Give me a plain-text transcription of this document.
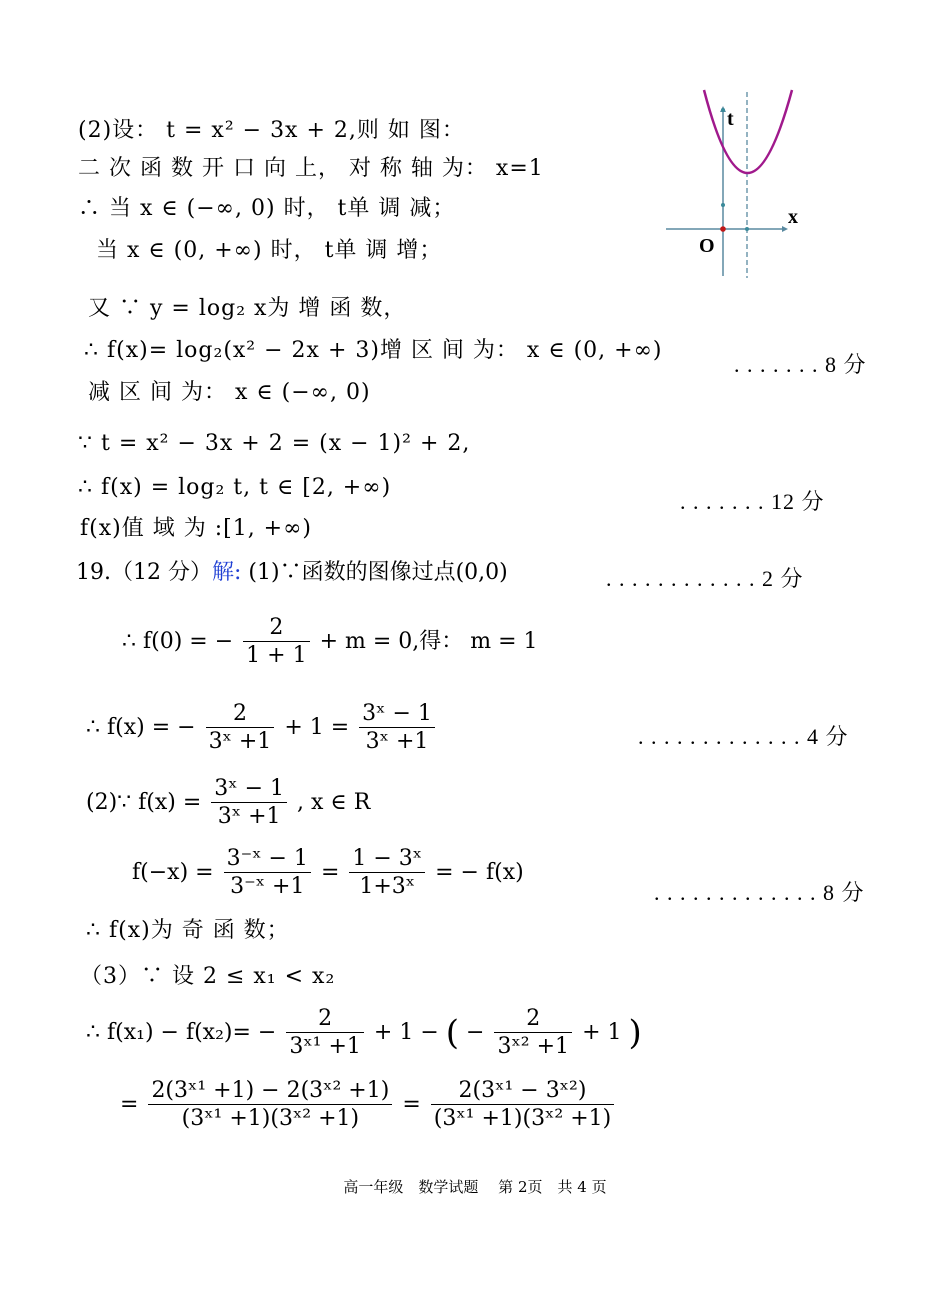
t
x
O
(2)设： t = x² − 3x + 2,则 如 图：
二 次 函 数 开 口 向 上， 对 称 轴 为： x=1
∴ 当 x ∈ (−∞, 0) 时， t单 调 减；
当 x ∈ (0, +∞) 时， t单 调 增；
又 ∵ y = log₂ x为 增 函 数，
∴ f(x)= log₂(x² − 2x + 3)增 区 间 为： x ∈ (0, +∞)
. . . . . . . 8 分
减 区 间 为： x ∈ (−∞, 0)
∵ t = x² − 3x + 2 = (x − 1)² + 2,
∴ f(x) = log₂ t, t ∈ [2, +∞)
. . . . . . . 12 分
f(x)值 域 为 :[1, +∞)
19.（12 分）解: (1)∵函数的图像过点(0,0)	. . . . . . . . . . . . 2 分
∴ f(0) = − $\frac{2}{1 + 1} + m = 0$,得： m = 1
∴ f(x) = − $\frac{2}{\text{3ˣ +1}} + 1 = \frac{\text{3ˣ − 1}}{\text{3ˣ +1}}$	. . . . . . . . . . . . . 4 分
(2)∵ $f(x) = \frac{\text{3ˣ − 1}}{\text{3ˣ +1}}$ , x ∈ R
$f(-x) = \frac{\text{3⁻ˣ − 1}}{\text{3⁻ˣ +1}} = \frac{\text{1 − 3ˣ}}{\text{1+3ˣ}}$ = − f(x)
. . . . . . . . . . . . . 8 分
∴ f(x)为 奇 函 数；
（3）∵ 设 2 ≤ x₁ < x₂
∴ $f(x_1) - f(x_2)= - \frac{2}{\text{3ˣ¹ +1}} + 1$ − ( − $\frac{2}{\text{3ˣ² +1}} + 1$ )
= $\frac{\text{2(3ˣ¹ +1) − 2(3ˣ² +1)}}{\text{(3ˣ¹ +1)(3ˣ² +1)}} = \frac{\text{2(3ˣ¹ − 3ˣ²)}}{\text{(3ˣ¹ +1)(3ˣ² +1)}}$
高一年级　数学试题　 第 2页　共 4 页
